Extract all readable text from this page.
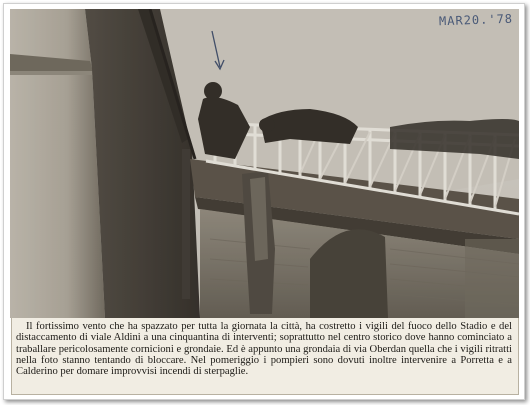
MAR20.'78

Il fortissimo vento che ha spazzato per tutta la giornata la città, ha costretto i vigili del fuoco dello Stadio e del distaccamento di viale Aldini a una cinquantina di interventi; soprattutto nel centro storico dove hanno cominciato a traballare pericolosamente cornicioni e grondaie. Ed è appunto una grondaia di via Oberdan quella che i vigili ritratti nella foto stanno tentando di bloccare. Nel pomeriggio i pompieri sono dovuti inoltre intervenire a Porretta e a Calderino per domare improvvisi incendi di sterpaglie.
